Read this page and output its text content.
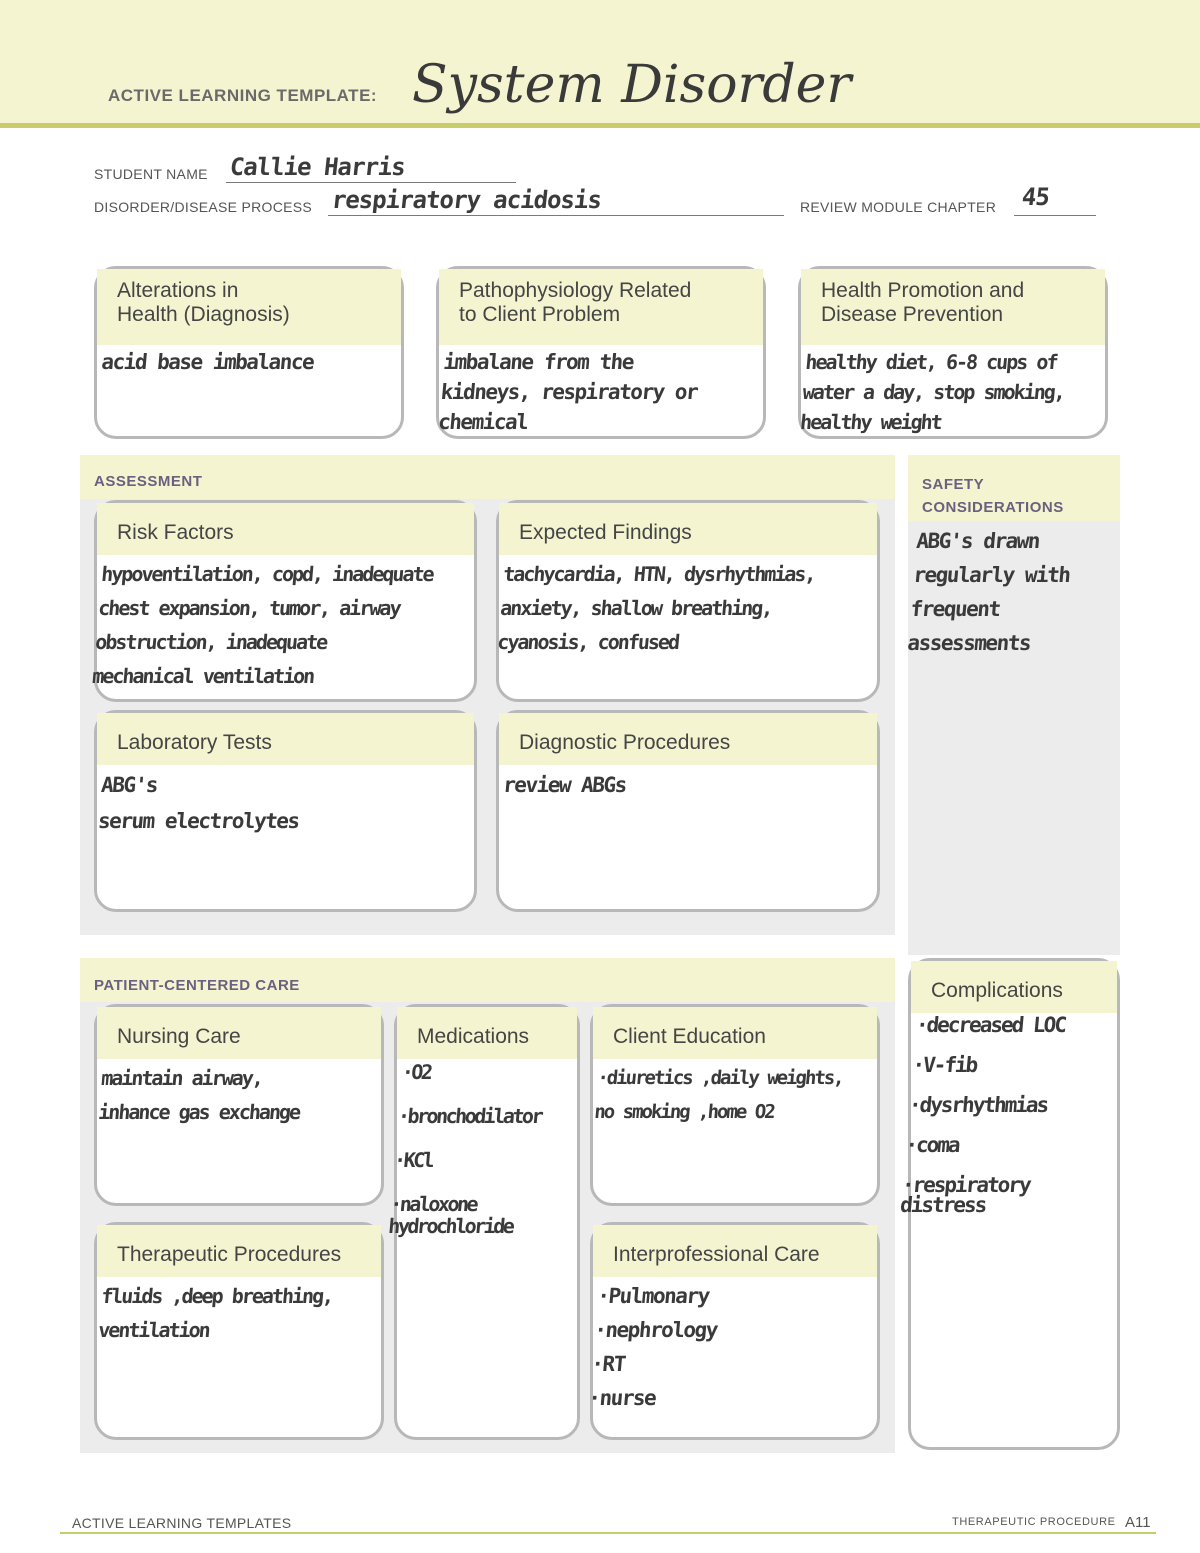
ACTIVE LEARNING TEMPLATE: System Disorder
STUDENT NAME Callie Harris
DISORDER/DISEASE PROCESS respiratory acidosis	REVIEW MODULE CHAPTER 45
Alterations in
Health (Diagnosis)
acid base imbalance
Pathophysiology Related
to Client Problem
imbalane from the
kidneys, respiratory or
chemical
Health Promotion and
Disease Prevention
healthy diet, 6-8 cups of
water a day, stop smoking,
healthy weight
ASSESSMENT
Risk Factors
hypoventilation, copd, inadequate
chest expansion, tumor, airway
obstruction, inadequate
mechanical ventilation
Expected Findings
tachycardia, HTN, dysrhythmias,
anxiety, shallow breathing,
cyanosis, confused
Laboratory Tests
ABG's
serum electrolytes
Diagnostic Procedures
review ABGs
SAFETY
CONSIDERATIONS
ABG's drawn
regularly with
frequent
assessments
PATIENT-CENTERED CARE
Nursing Care
maintain airway,
inhance gas exchange
Medications
·O2

·bronchodilator

·KCl

·naloxone
hydrochloride
Client Education
·diuretics ,daily weights,
no smoking ,home O2
Therapeutic Procedures
fluids ,deep breathing,
ventilation
Interprofessional Care
·Pulmonary
·nephrology
·RT
·nurse
Complications
·decreased LOC

·V-fib

·dysrhythmias

·coma

·respiratory
distress
ACTIVE LEARNING TEMPLATES	THERAPEUTIC PROCEDURE A11
